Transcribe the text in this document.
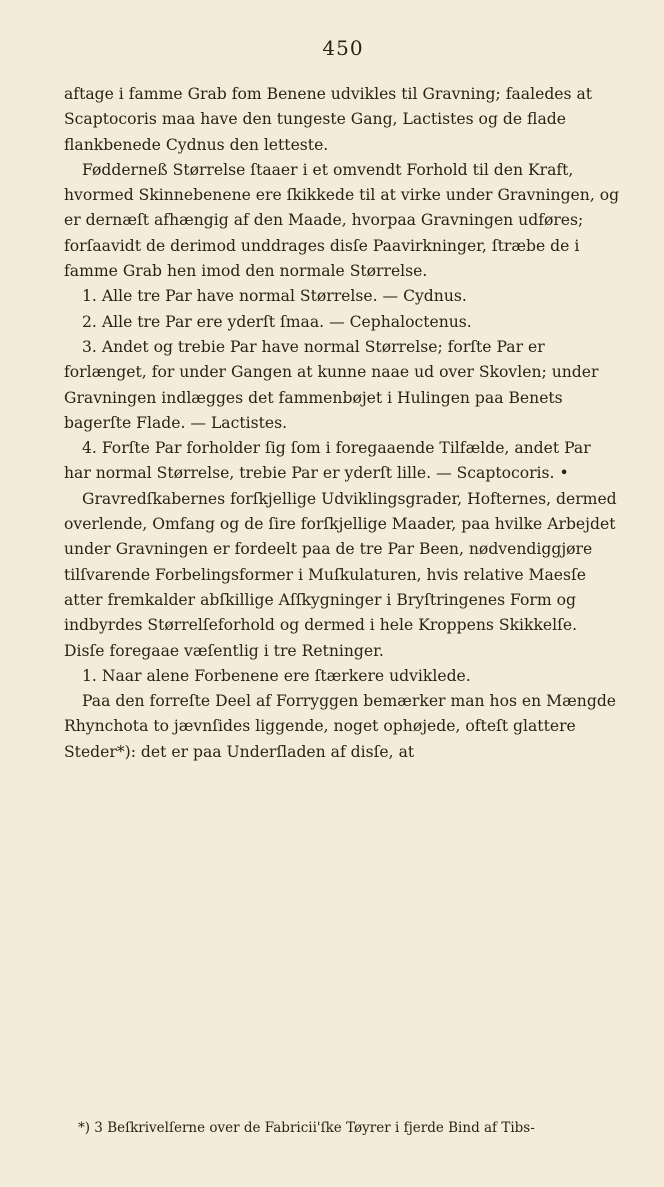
450

aftage i famme Grab fom Benene udvikles til Gravning; faaledes at Scaptocoris maa have den tungeste Gang, Lactistes og de flade flankbenede Cydnus den letteste.

Fødderneß Størrelse ſtaaer i et omvendt Forhold til den Kraft, hvormed Skinnebenene ere ſkikkede til at virke under Gravningen, og er dernæſt afhængig af den Maade, hvorpaa Gravningen udføres; forſaavidt de derimod unddrages disſe Paavirkninger, ſtræbe de i famme Grab hen imod den normale Størrelse.

1. Alle tre Par have normal Størrelse. — Cydnus.

2. Alle tre Par ere yderſt ſmaa. — Cephaloctenus.

3. Andet og trebie Par have normal Størrelse; forſte Par er forlænget, for under Gangen at kunne naae ud over Skovlen; under Gravningen indlægges det fammenbøjet i Hulingen paa Benets bagerſte Flade. — Lactistes.

4. Forſte Par forholder ſig ſom i foregaaende Tilfælde, andet Par har normal Størrelse, trebie Par er yderſt lille. — Scaptocoris. •

Gravredſkabernes forſkjellige Udviklingsgrader, Hofternes, dermed overlende, Omfang og de ſire forſkjellige Maader, paa hvilke Arbejdet under Gravningen er fordeelt paa de tre Par Been, nødvendiggjøre tilſvarende Forbelingsformer i Muſkulaturen, hvis relative Maesſe atter fremkalder abſkillige Aſſkygninger i Bryſtringenes Form og indbyrdes Størrelſeforhold og dermed i hele Kroppens Skikkelſe. Disſe foregaae væſentlig i tre Retninger.

1. Naar alene Forbenene ere ſtærkere udviklede.

Paa den forreſte Deel af Forryggen bemærker man hos en Mængde Rhynchota to jævnſides liggende, noget ophøjede, ofteſt glattere Steder*): det er paa Underſladen af disſe, at

*) 3 Beſkrivelſerne over de Fabricii'ſke Tøyrer i fjerde Bind af Tibs-
